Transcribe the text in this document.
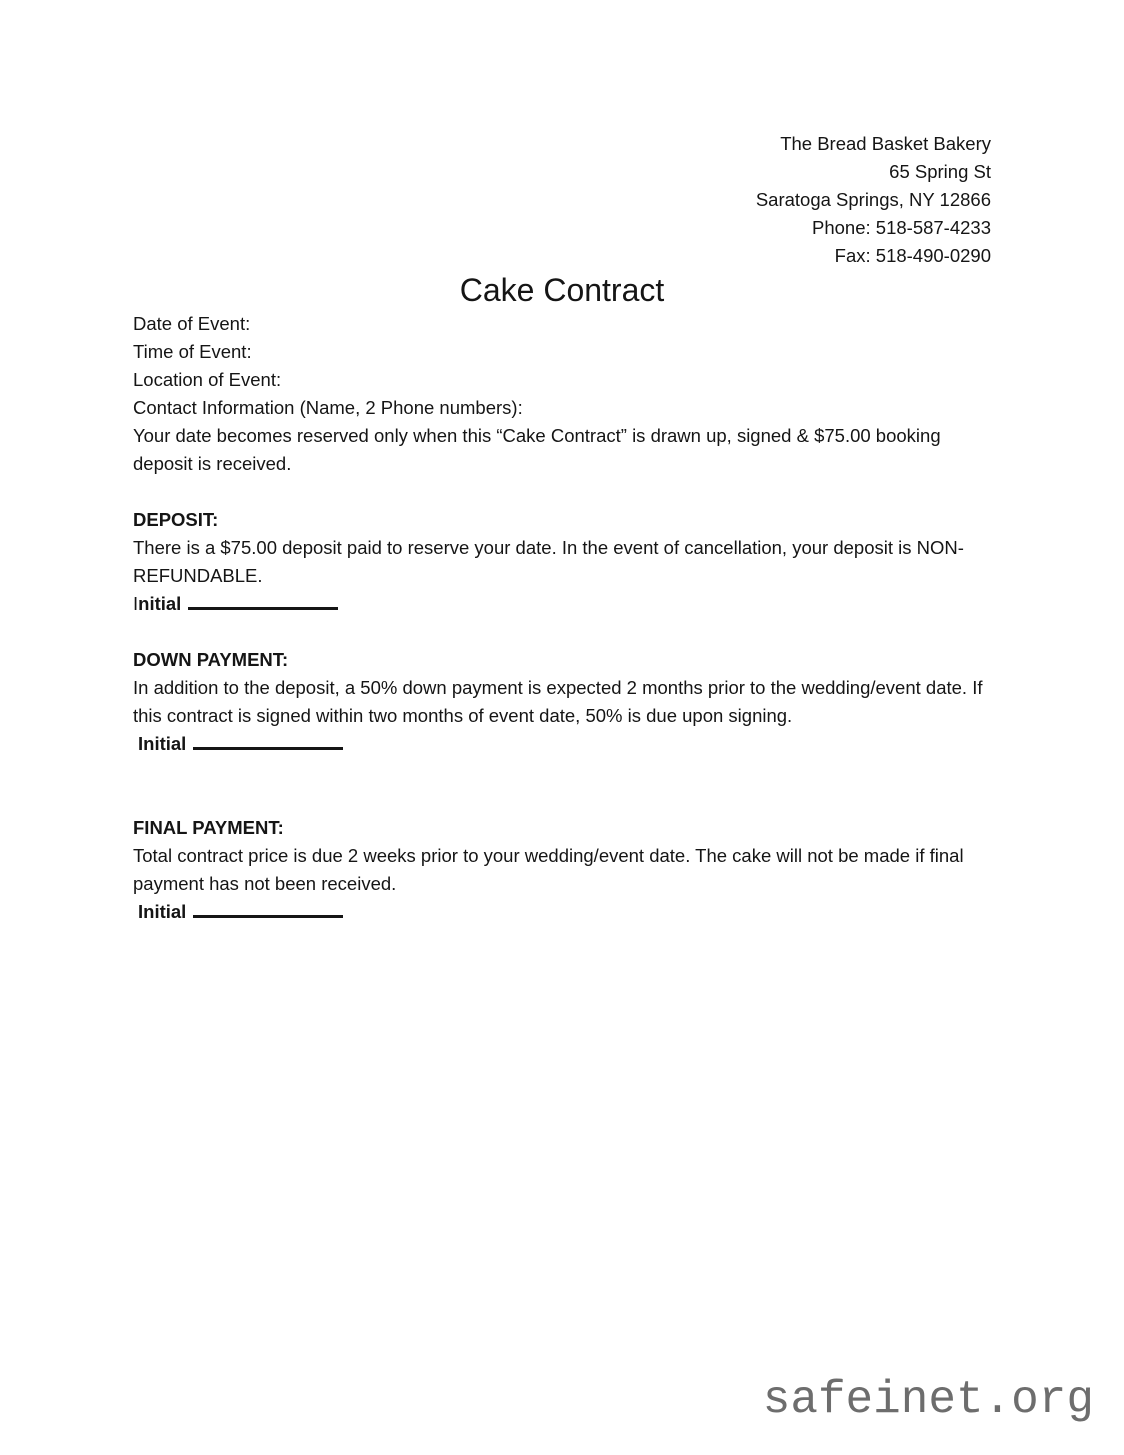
The Bread Basket Bakery

65 Spring St

Saratoga Springs, NY 12866

Phone: 518-587-4233

Fax: 518-490-0290

Cake Contract

Date of Event:

Time of Event:

Location of Event:

Contact Information (Name, 2 Phone numbers):

Your date becomes reserved only when this “Cake Contract” is drawn up, signed & $75.00 booking deposit is received.

DEPOSIT:

There is a $75.00 deposit paid to reserve your date. In the event of cancellation, your deposit is NON-REFUNDABLE.

Initial

DOWN PAYMENT:

In addition to the deposit, a 50% down payment is expected 2 months prior to the wedding/event date. If this contract is signed within two months of event date, 50% is due upon signing.

Initial

FINAL PAYMENT:

Total contract price is due 2 weeks prior to your wedding/event date. The cake will not be made if final payment has not been received.

Initial

safeinet.org
